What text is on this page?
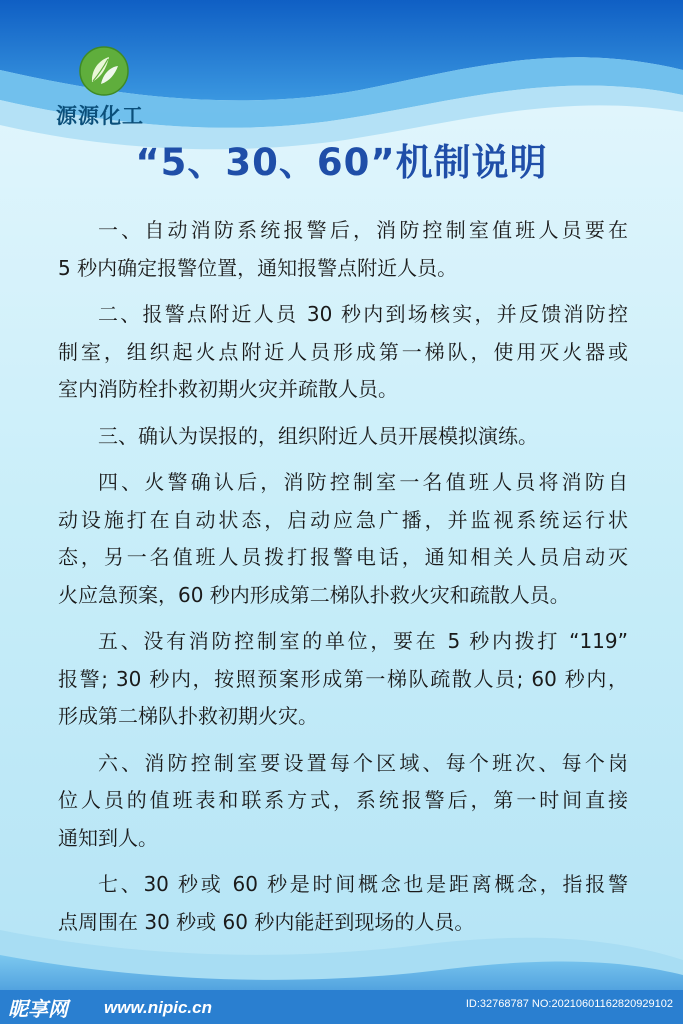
源源化工
“5、30、60”机制说明
一、自动消防系统报警后，消防控制室值班人员要在
5 秒内确定报警位置，通知报警点附近人员。
二、报警点附近人员 30 秒内到场核实，并反馈消防控
制室，组织起火点附近人员形成第一梯队，使用灭火器或
室内消防栓扑救初期火灾并疏散人员。
三、确认为误报的，组织附近人员开展模拟演练。
四、火警确认后，消防控制室一名值班人员将消防自
动设施打在自动状态，启动应急广播，并监视系统运行状
态，另一名值班人员拨打报警电话，通知相关人员启动灭
火应急预案，60 秒内形成第二梯队扑救火灾和疏散人员。
五、没有消防控制室的单位，要在 5 秒内拨打 “119”
报警; 30 秒内，按照预案形成第一梯队疏散人员; 60 秒内，
形成第二梯队扑救初期火灾。
六、消防控制室要设置每个区域、每个班次、每个岗
位人员的值班表和联系方式，系统报警后，第一时间直接
通知到人。
七、30 秒或 60 秒是时间概念也是距离概念，指报警
点周围在 30 秒或 60 秒内能赶到现场的人员。
昵享网 www.nipic.cn	ID:32768787 NO:20210601162820929102
